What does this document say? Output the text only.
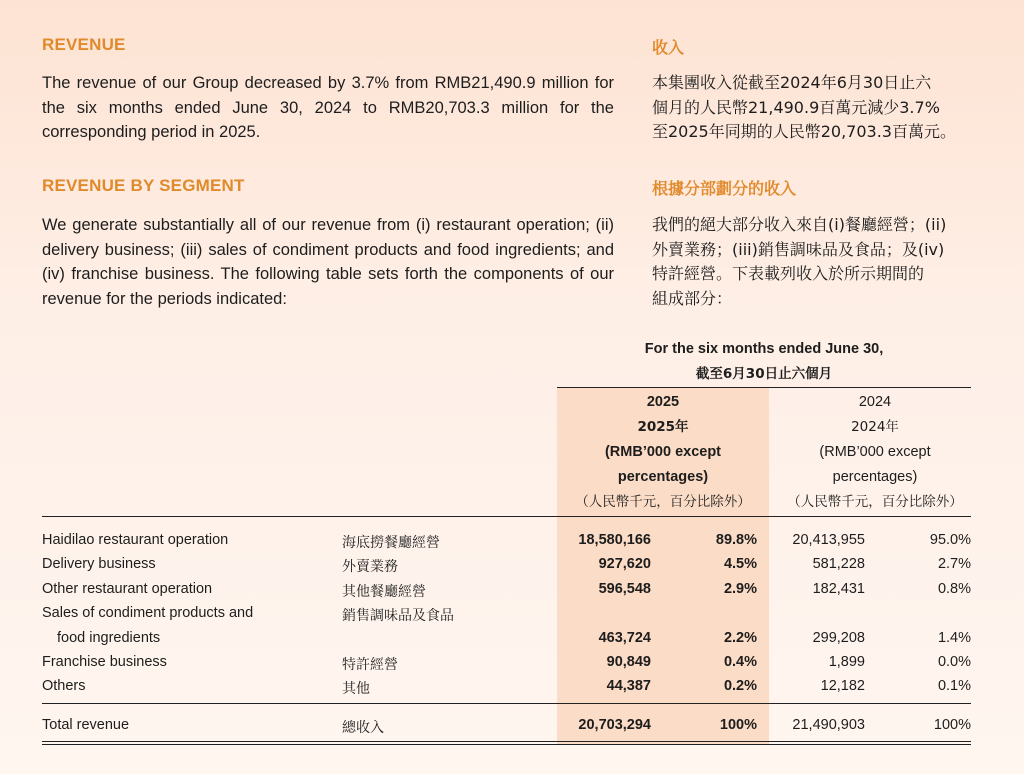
REVENUE
The revenue of our Group decreased by 3.7% from RMB21,490.9 million for the six months ended June 30, 2024 to RMB20,703.3 million for the corresponding period in 2025.
收入
本集團收入從截至2024年6月30日止六
個月的人民幣21,490.9百萬元減少3.7%
至2025年同期的人民幣20,703.3百萬元。
REVENUE BY SEGMENT
We generate substantially all of our revenue from (i) restaurant operation; (ii) delivery business; (iii) sales of condiment products and food ingredients; and (iv) franchise business. The following table sets forth the components of our revenue for the periods indicated:
根據分部劃分的收入
我們的絕大部分收入來自(i)餐廳經營；(ii)
外賣業務；(iii)銷售調味品及食品；及(iv)
特許經營。下表載列收入於所示期間的
組成部分：
For the six months ended June 30,
截至6月30日止六個月
2025
2025年
(RMB’000 except
percentages)
（人民幣千元，百分比除外）
2024
2024年
(RMB’000 except
percentages)
（人民幣千元，百分比除外）
Haidilao restaurant operation	海底撈餐廳經營	18,580,166	89.8% 20,413,955	95.0%
Delivery business	外賣業務	927,620	4.5%	581,228	2.7%
Other restaurant operation	其他餐廳經營	596,548	2.9%	182,431	0.8%
Sales of condiment products and	銷售調味品及食品
food ingredients	463,724	2.2%	299,208	1.4%
Franchise business	特許經營	90,849	0.4%	1,899	0.0%
Others	其他	44,387	0.2%	12,182	0.1%
Total revenue	總收入	20,703,294	100% 21,490,903	100%
